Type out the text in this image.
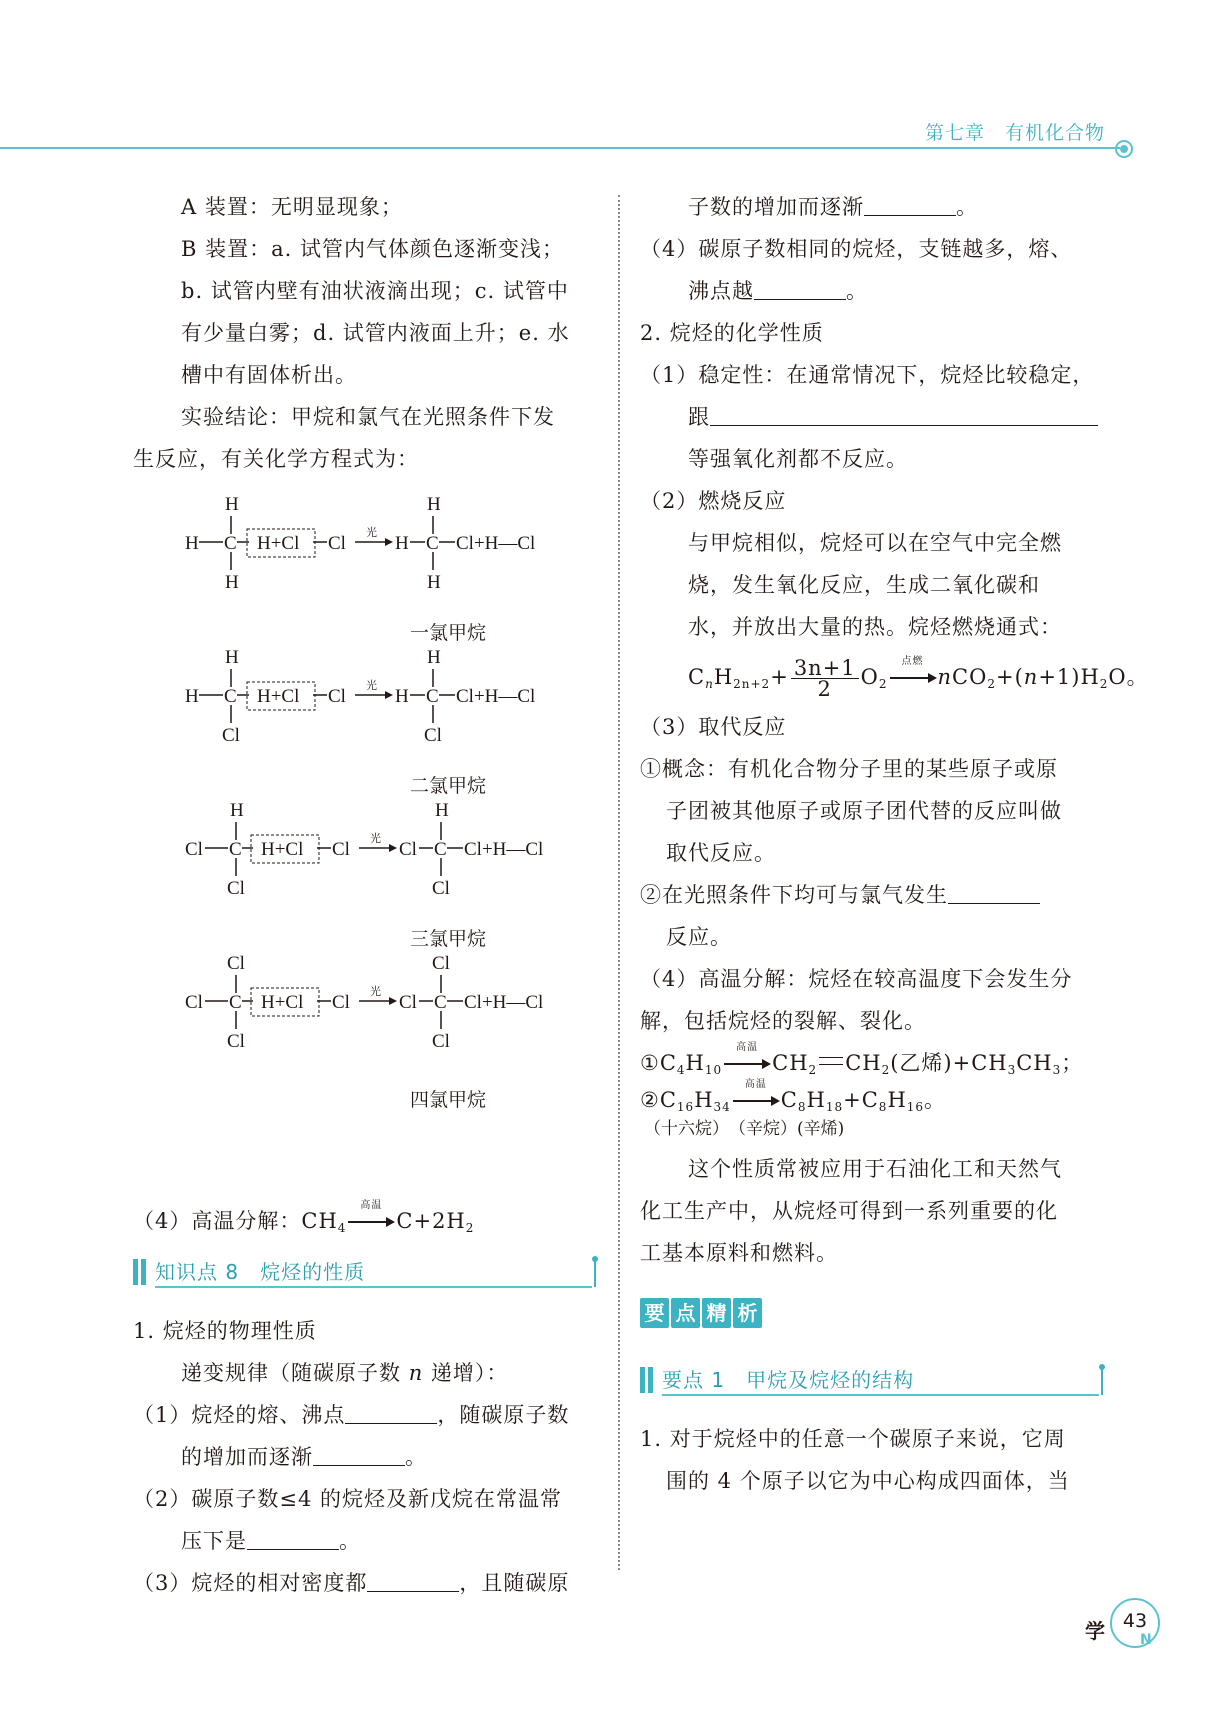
第七章　 有机化合物
A 装置：无明显现象；
B 装置：a. 试管内气体颜色逐渐变浅；
b. 试管内壁有油状液滴出现；c. 试管中
有少量白雾；d. 试管内液面上升；e. 水
槽中有固体析出。
实验结论：甲烷和氯气在光照条件下发
生反应，有关化学方程式为：
H
H C H+Cl Cl 光 H C Cl+H—Cl
H
H	H
一氯甲烷
H
H C H+Cl Cl 光 H C Cl+H—Cl
H
Cl	Cl
二氯甲烷
H
Cl C H+Cl Cl 光 Cl C Cl+H—Cl
H
Cl	Cl
三氯甲烷
Cl
Cl C H+Cl Cl 光 Cl C Cl+H—Cl
Cl
Cl	Cl
四氯甲烷
（4）高温分解：$CH_4$
高温
$C+2H_2$
知识点 8　烷烃的性质
1. 烷烃的物理性质
递变规律（随碳原子数 n 递增）：
（1）烷烃的熔、沸点	，随碳原子数
的增加而逐渐	。
（2）碳原子数≤4 的烷烃及新戊烷在常温常
压下是	。
（3）烷烃的相对密度都	，且随碳原
子数的增加而逐渐	。
（4）碳原子数相同的烷烃，支链越多，熔、
沸点越	。
2. 烷烃的化学性质
（1）稳定性：在通常情况下，烷烃比较稳定，
跟
等强氧化剂都不反应。
（2）燃烧反应
与甲烷相似，烷烃可以在空气中完全燃
烧，发生氧化反应，生成二氧化碳和
水，并放出大量的热。烷烃燃烧通式：
$C_nH_{2n+2}+ \frac{3n+1}{2} O_2$
点燃
$nCO_2+(n+1)H_2O$。
（3）取代反应
①概念：有机化合物分子里的某些原子或原
子团被其他原子或原子团代替的反应叫做
取代反应。
②在光照条件下均可与氯气发生
反应。
（4）高温分解：烷烃在较高温度下会发生分
解，包括烷烃的裂解、裂化。
$①C_4H_{10}$
高温
$CH_2$ $CH_2$(乙烯)$+CH_3CH_3$；
$②C_{16}H_{34}$
高温
$C_8H_{18}+C_8H_{16}$。
（十六烷）　（辛烷）(辛烯)
这个性质常被应用于石油化工和天然气
化工生产中，从烷烃可得到一系列重要的化
工基本原料和燃料。
要 点 精 析
要点 1　甲烷及烷烃的结构
1. 对于烷烃中的任意一个碳原子来说，它周
围的 4 个原子以它为中心构成四面体，当
学 43
N
